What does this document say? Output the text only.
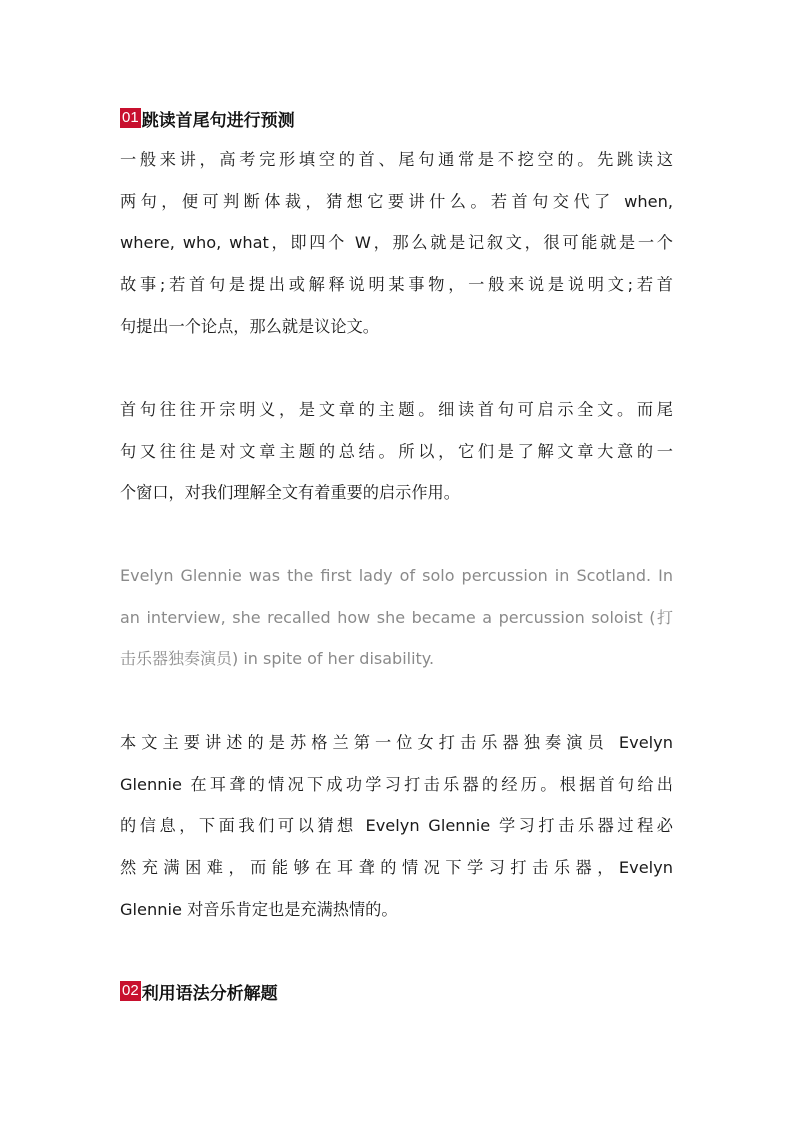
01 跳读首尾句进行预测
一般来讲，高考完形填空的首、尾句通常是不挖空的。先跳读这
两句，便可判断体裁，猜想它要讲什么。若首句交代了 when,
where, who, what，即四个 W，那么就是记叙文，很可能就是一个
故事;若首句是提出或解释说明某事物，一般来说是说明文;若首
句提出一个论点，那么就是议论文。
首句往往开宗明义，是文章的主题。细读首句可启示全文。而尾
句又往往是对文章主题的总结。所以，它们是了解文章大意的一
个窗口，对我们理解全文有着重要的启示作用。
Evelyn Glennie was the first lady of solo percussion in Scotland. In
an interview, she recalled how she became a percussion soloist (打
击乐器独奏演员) in spite of her disability.
本文主要讲述的是苏格兰第一位女打击乐器独奏演员 Evelyn
Glennie 在耳聋的情况下成功学习打击乐器的经历。根据首句给出
的信息，下面我们可以猜想 Evelyn Glennie 学习打击乐器过程必
然充满困难，而能够在耳聋的情况下学习打击乐器，Evelyn
Glennie 对音乐肯定也是充满热情的。
02 利用语法分析解题
